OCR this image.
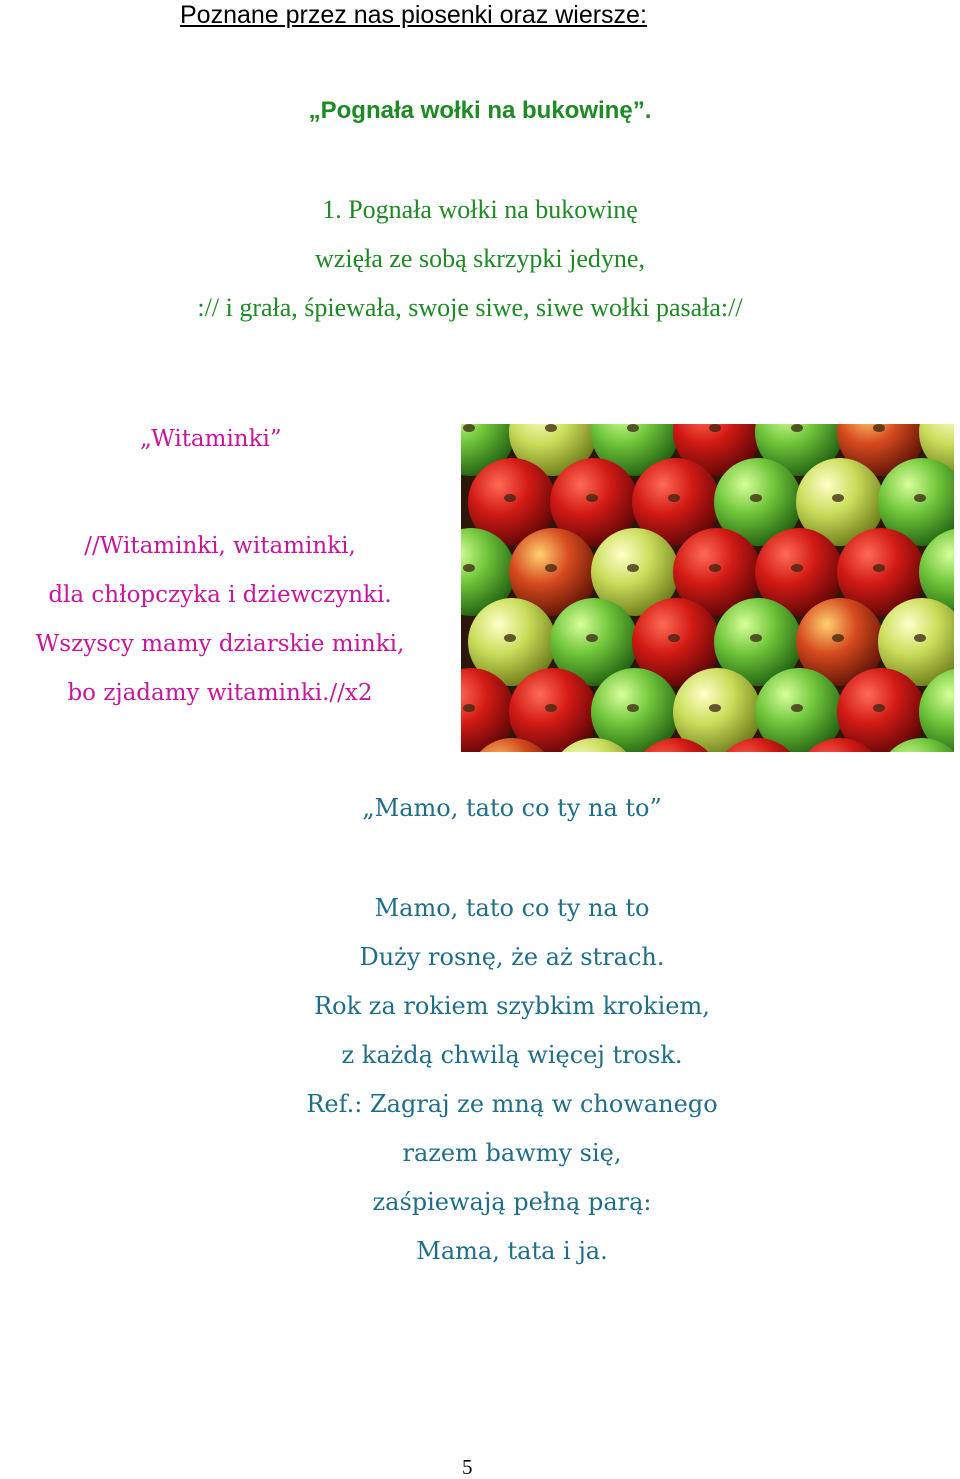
Poznane przez nas piosenki oraz wiersze:
„Pognała wołki na bukowinę”.
1. Pognała wołki na bukowinę
wzięła ze sobą skrzypki jedyne,
:// i grała, śpiewała, swoje siwe, siwe wołki pasała://
„Witaminki”
//Witaminki, witaminki,
dla chłopczyka i dziewczynki.
Wszyscy mamy dziarskie minki,
bo zjadamy witaminki.//x2
„Mamo, tato co ty na to”
Mamo, tato co ty na to
Duży rosnę, że aż strach.
Rok za rokiem szybkim krokiem,
z każdą chwilą więcej trosk.
Ref.: Zagraj ze mną w chowanego
razem bawmy się,
zaśpiewają pełną parą:
Mama, tata i ja.
5
